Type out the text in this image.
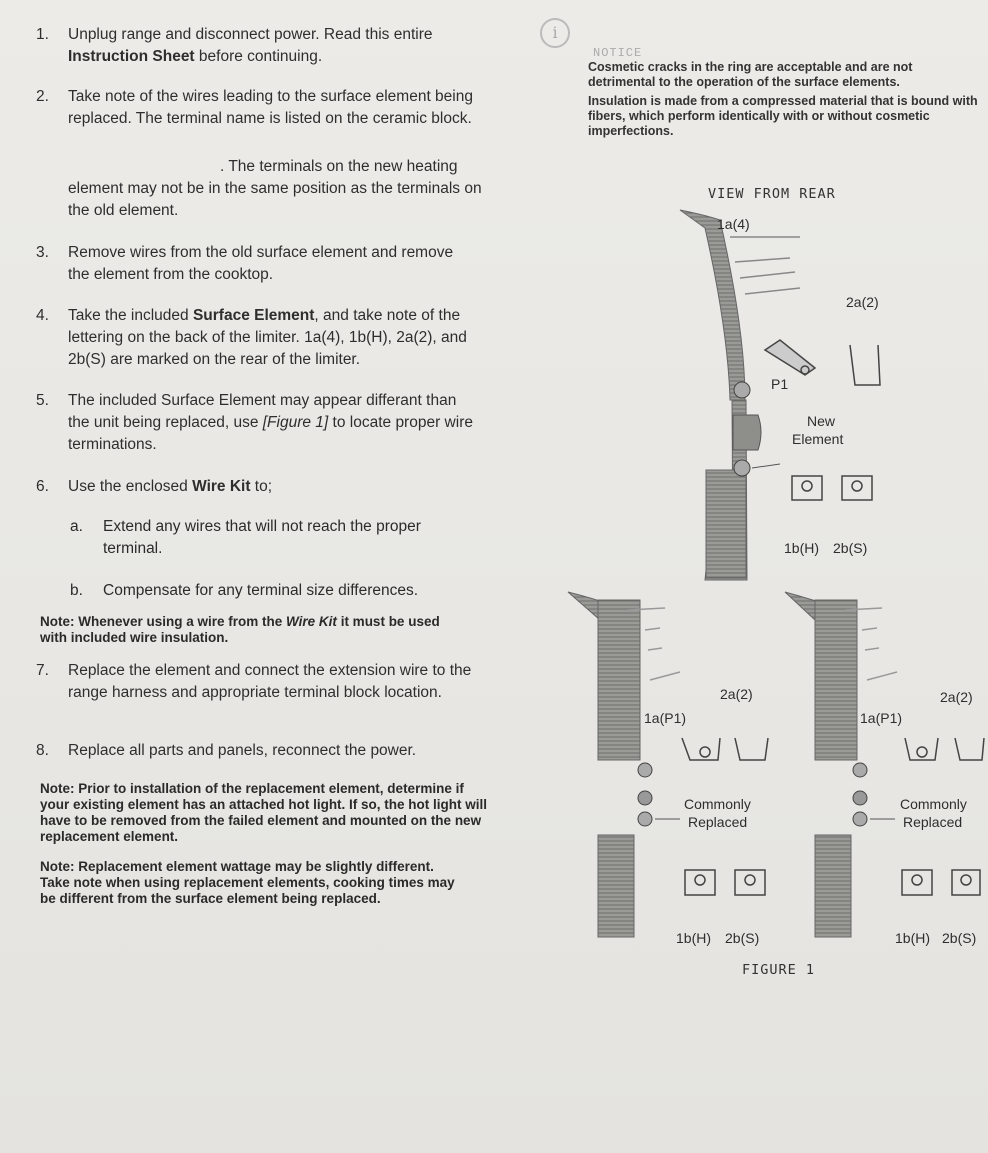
1. Unplug range and disconnect power. Read this entire Instruction Sheet before continuing.
2. Take note of the wires leading to the surface element being replaced. The terminal name is listed on the ceramic block.
. The terminals on the new heating element may not be in the same position as the terminals on the old element.
3. Remove wires from the old surface element and remove the element from the cooktop.
4. Take the included Surface Element, and take note of the lettering on the back of the limiter. 1a(4), 1b(H), 2a(2), and 2b(S) are marked on the rear of the limiter.
5. The included Surface Element may appear differant than the unit being replaced, use [Figure 1] to locate proper wire terminations.
6. Use the enclosed Wire Kit to;
a. Extend any wires that will not reach the proper terminal.
b. Compensate for any terminal size differences.
Note: Whenever using a wire from the Wire Kit it must be used with included wire insulation.
7. Replace the element and connect the extension wire to the range harness and appropriate terminal block location.
8. Replace all parts and panels, reconnect the power.
Note: Prior to installation of the replacement element, determine if your existing element has an attached hot light. If so, the hot light will have to be removed from the failed element and mounted on the new replacement element.
Note: Replacement element wattage may be slightly different. Take note when using replacement elements, cooking times may be different from the surface element being replaced.
i
NOTICE
Cosmetic cracks in the ring are acceptable and are not detrimental to the operation of the surface elements.
Insulation is made from a compressed material that is bound with fibers, which perform identically with or without cosmetic imperfections.
VIEW FROM REAR
1a(4)
2a(2)
P1
New
Element
1b(H) 2b(S)
2a(2)
1a(P1)
Commonly
Replaced
1b(H) 2b(S)
2a(2)
1a(P1)
Commonly
Replaced
1b(H) 2b(S)
FIGURE 1
